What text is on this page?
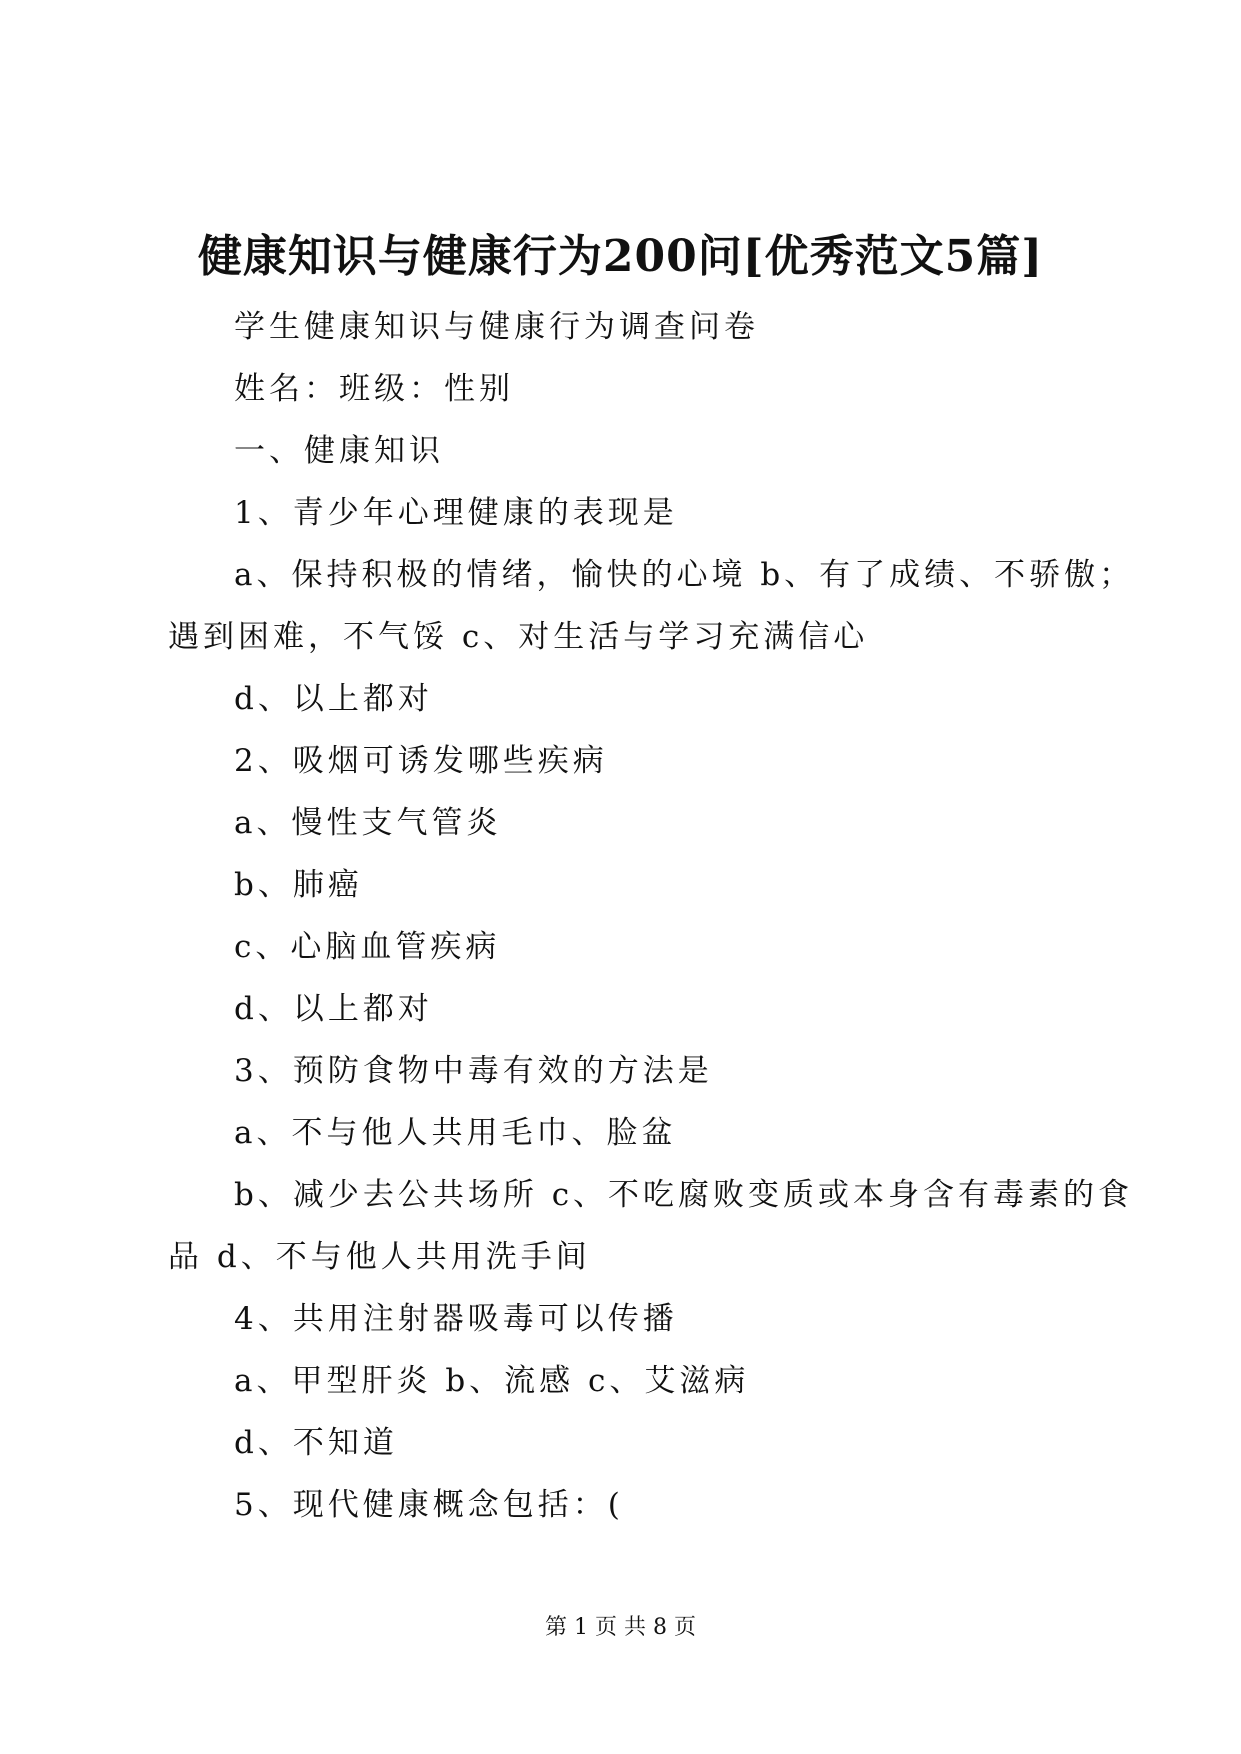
健康知识与健康行为200问[优秀范文5篇]
学生健康知识与健康行为调查问卷
姓名：班级：性别
一、健康知识
1、青少年心理健康的表现是
a、保持积极的情绪，愉快的心境 b、有了成绩、不骄傲；
遇到困难，不气馁 c、对生活与学习充满信心
d、以上都对
2、吸烟可诱发哪些疾病
a、慢性支气管炎
b、肺癌
c、心脑血管疾病
d、以上都对
3、预防食物中毒有效的方法是
a、不与他人共用毛巾、脸盆
b、减少去公共场所 c、不吃腐败变质或本身含有毒素的食
品 d、不与他人共用洗手间
4、共用注射器吸毒可以传播
a、甲型肝炎 b、流感 c、艾滋病
d、不知道
5、现代健康概念包括：(
第 1 页 共 8 页
